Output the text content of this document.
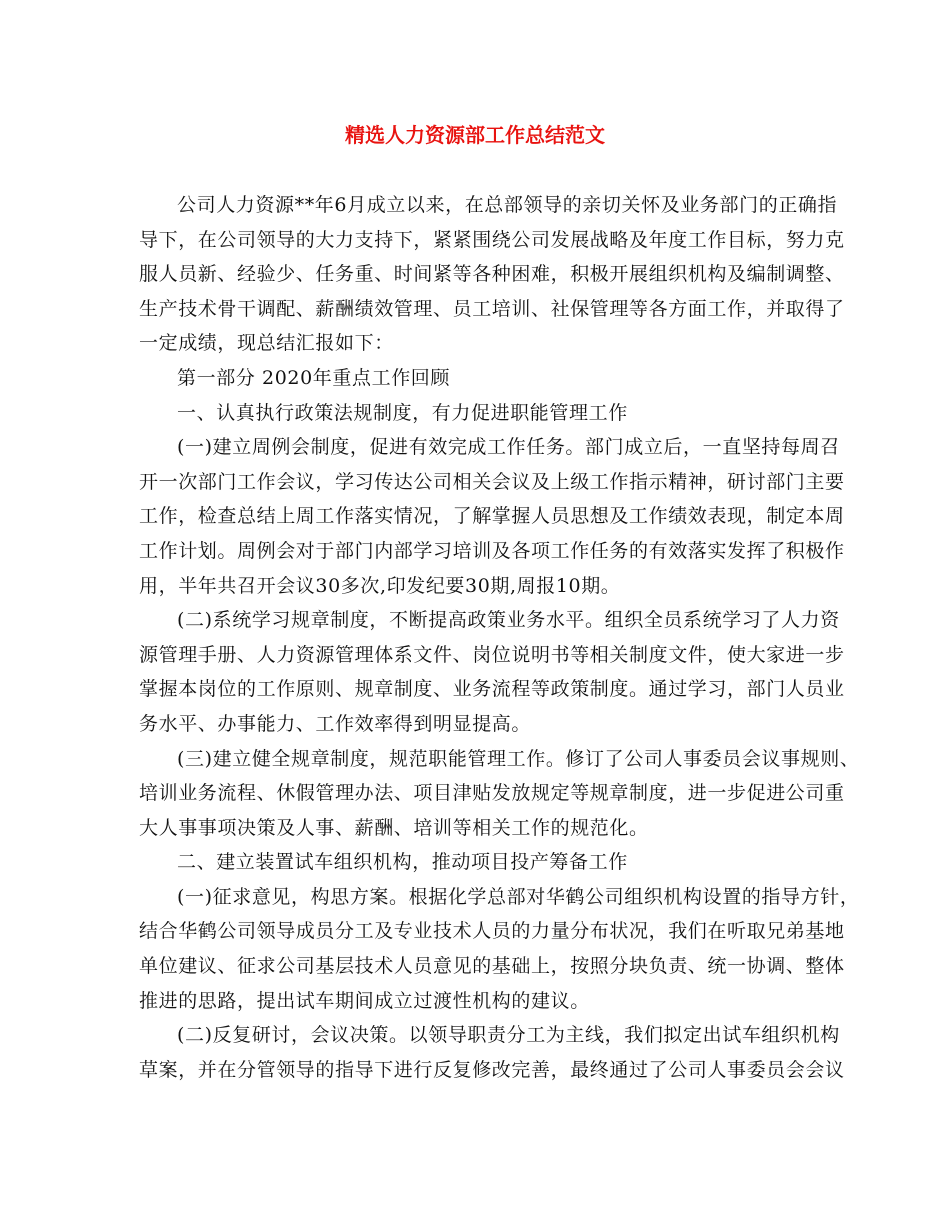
精选人力资源部工作总结范文
公司人力资源**年6月成立以来，在总部领导的亲切关怀及业务部门的正确指
导下，在公司领导的大力支持下，紧紧围绕公司发展战略及年度工作目标，努力克
服人员新、经验少、任务重、时间紧等各种困难，积极开展组织机构及编制调整、
生产技术骨干调配、薪酬绩效管理、员工培训、社保管理等各方面工作，并取得了
一定成绩，现总结汇报如下：
第一部分 2020年重点工作回顾
一、认真执行政策法规制度，有力促进职能管理工作
(一)建立周例会制度，促进有效完成工作任务。部门成立后，一直坚持每周召
开一次部门工作会议，学习传达公司相关会议及上级工作指示精神，研讨部门主要
工作，检查总结上周工作落实情况，了解掌握人员思想及工作绩效表现，制定本周
工作计划。周例会对于部门内部学习培训及各项工作任务的有效落实发挥了积极作
用，半年共召开会议30多次,印发纪要30期,周报10期。
(二)系统学习规章制度，不断提高政策业务水平。组织全员系统学习了人力资
源管理手册、人力资源管理体系文件、岗位说明书等相关制度文件，使大家进一步
掌握本岗位的工作原则、规章制度、业务流程等政策制度。通过学习，部门人员业
务水平、办事能力、工作效率得到明显提高。
(三)建立健全规章制度，规范职能管理工作。修订了公司人事委员会议事规则、
培训业务流程、休假管理办法、项目津贴发放规定等规章制度，进一步促进公司重
大人事事项决策及人事、薪酬、培训等相关工作的规范化。
二、建立装置试车组织机构，推动项目投产筹备工作
(一)征求意见，构思方案。根据化学总部对华鹤公司组织机构设置的指导方针，
结合华鹤公司领导成员分工及专业技术人员的力量分布状况，我们在听取兄弟基地
单位建议、征求公司基层技术人员意见的基础上，按照分块负责、统一协调、整体
推进的思路，提出试车期间成立过渡性机构的建议。
(二)反复研讨，会议决策。以领导职责分工为主线，我们拟定出试车组织机构
草案，并在分管领导的指导下进行反复修改完善，最终通过了公司人事委员会会议
